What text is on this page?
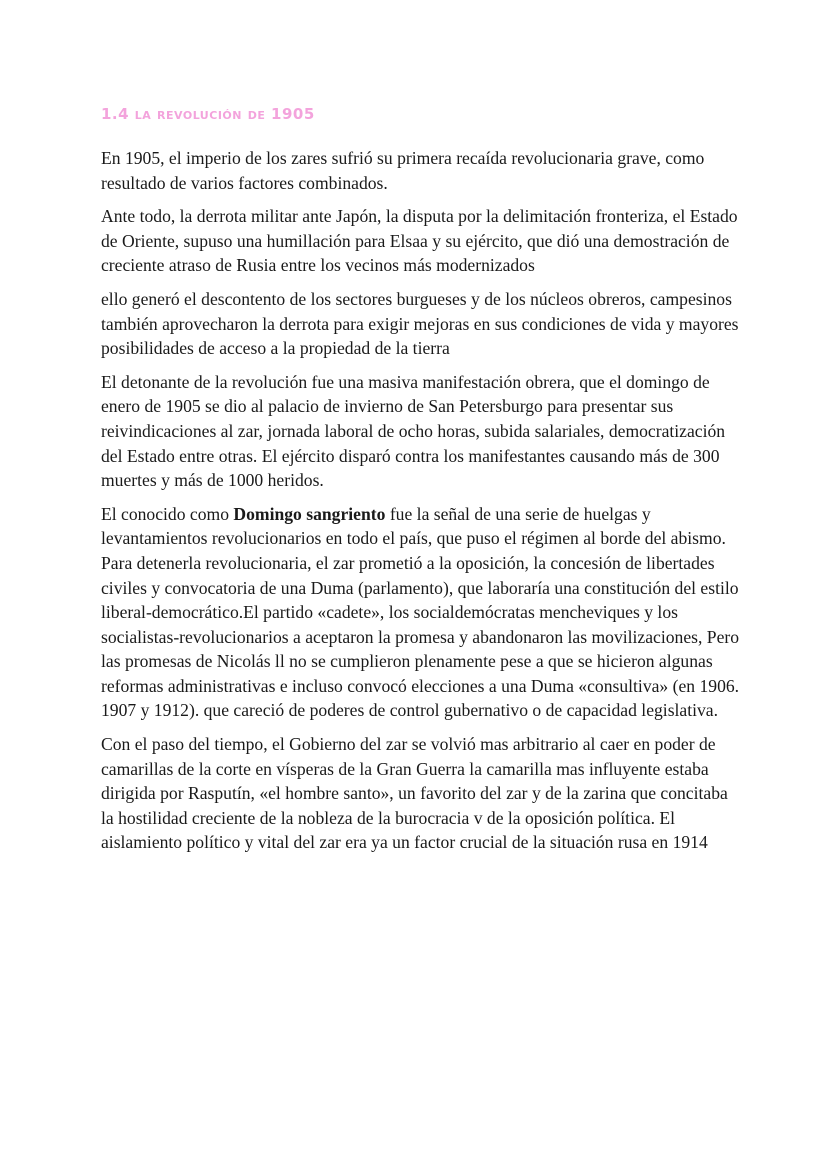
1.4 la revolución de 1905

En 1905, el imperio de los zares sufrió su primera recaída revolucionaria grave, como resultado de varios factores combinados.

Ante todo, la derrota militar ante Japón, la disputa por la delimitación fronteriza, el Estado de Oriente, supuso una humillación para Elsaa y su ejército, que dió una demostración de creciente atraso de Rusia entre los vecinos más modernizados

ello generó el descontento de los sectores burgueses y de los núcleos obreros, campesinos también aprovecharon la derrota para exigir mejoras en sus condiciones de vida y mayores posibilidades de acceso a la propiedad de la tierra

El detonante de la revolución fue una masiva manifestación obrera, que el domingo de enero de 1905 se dio al palacio de invierno de San Petersburgo para presentar sus reivindicaciones al zar, jornada laboral de ocho horas, subida salariales, democratización del Estado entre otras. El ejército disparó contra los manifestantes causando más de 300 muertes y más de 1000 heridos.

El conocido como Domingo sangriento fue la señal de una serie de huelgas y levantamientos revolucionarios en todo el país, que puso el régimen al borde del abismo. Para detenerla revolucionaria, el zar prometió a la oposición, la concesión de libertades civiles y convocatoria de una Duma (parlamento), que laboraría una constitución del estilo liberal-democrático.El partido «cadete», los socialdemócratas mencheviques y los socialistas-revolucionarios a aceptaron la promesa y abandonaron las movilizaciones, Pero las promesas de Nicolás ll no se cumplieron plenamente pese a que se hicieron algunas reformas administrativas e incluso convocó elecciones a una Duma «consultiva» (en 1906. 1907 y 1912). que careció de poderes de control gubernativo o de capacidad legislativa.

Con el paso del tiempo, el Gobierno del zar se volvió mas arbitrario al caer en poder de camarillas de la corte en vísperas de la Gran Guerra la camarilla mas influyente estaba dirigida por Rasputín, «el hombre santo», un favorito del zar y de la zarina que concitaba la hostilidad creciente de la nobleza de la burocracia v de la oposición política. El aislamiento político y vital del zar era ya un factor crucial de la situación rusa en 1914
